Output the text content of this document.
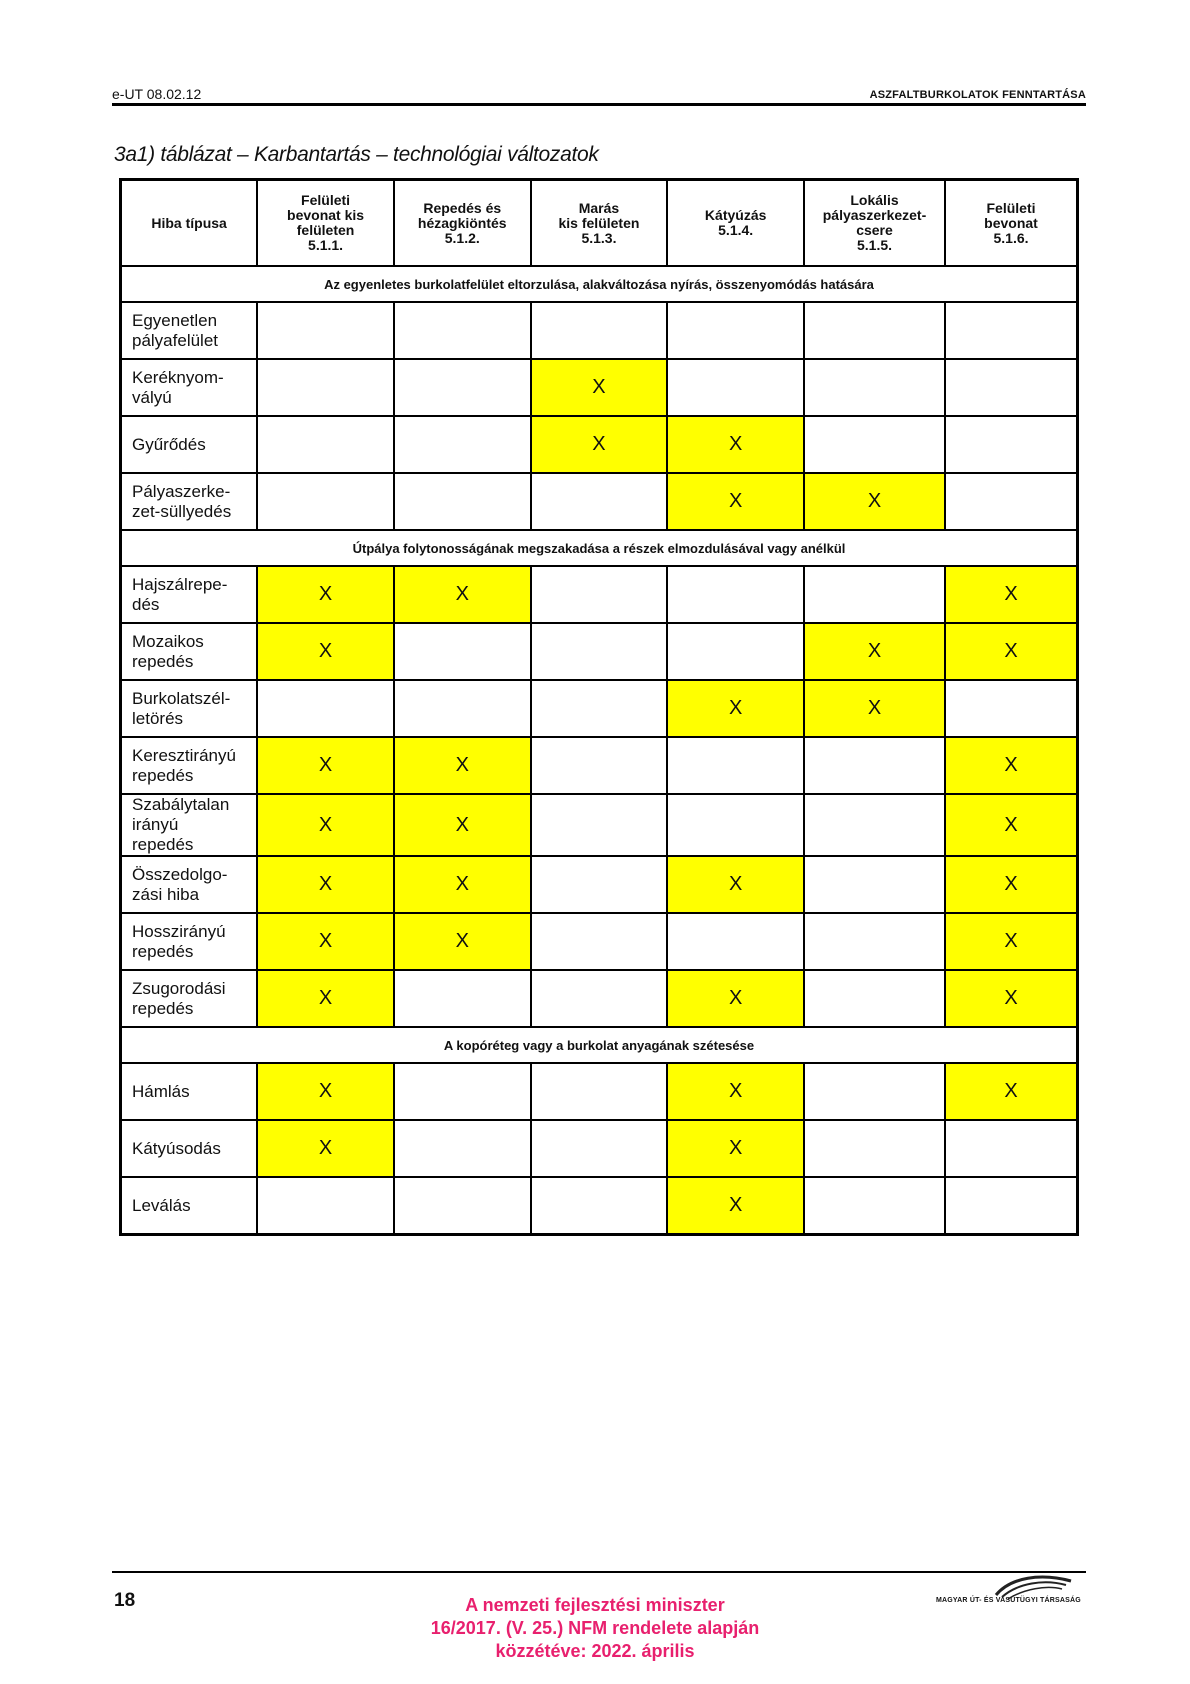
e-UT 08.02.12	ASZFALTBURKOLATOK FENNTARTÁSA
3a1) táblázat – Karbantartás – technológiai változatok
Hiba típusa	Felületi
bevonat kis
felületen
5.1.1.	Repedés és
hézagkiöntés
5.1.2.	Marás
kis felületen
5.1.3.	Kátyúzás
5.1.4.	Lokális
pályaszerkezet-
csere
5.1.5.	Felületi
bevonat
5.1.6.

Az egyenletes burkolatfelület eltorzulása, alakváltozása nyírás, összenyomódás hatására						

Egyenetlen
pályafelület						

Keréknyom-
vályú			X			

Gyűrődés			X	X		

Pályaszerke-
zet-süllyedés				X	X	
Útpálya folytonosságának megszakadása a részek elmozdulásával vagy anélkül						

Hajszálrepe-
dés	X	X				X

Mozaikos
repedés	X				X	X

Burkolatszél-
letörés				X	X	

Keresztirányú
repedés	X	X				X

Szabálytalan
irányú
repedés	X	X				X

Összedolgo-
zási hiba	X	X		X		X

Hosszirányú
repedés	X	X				X

Zsugorodási
repedés	X			X		X
A kopóréteg vagy a burkolat anyagának szétesése						

Hámlás	X			X		X

Kátyúsodás	X			X		

Leválás				X		
18	A nemzeti fejlesztési miniszter
16/2017. (V. 25.) NFM rendelete alapján
közzétéve: 2022. április
MAGYAR ÚT- ÉS VASÚTÜGYI TÁRSASÁG
